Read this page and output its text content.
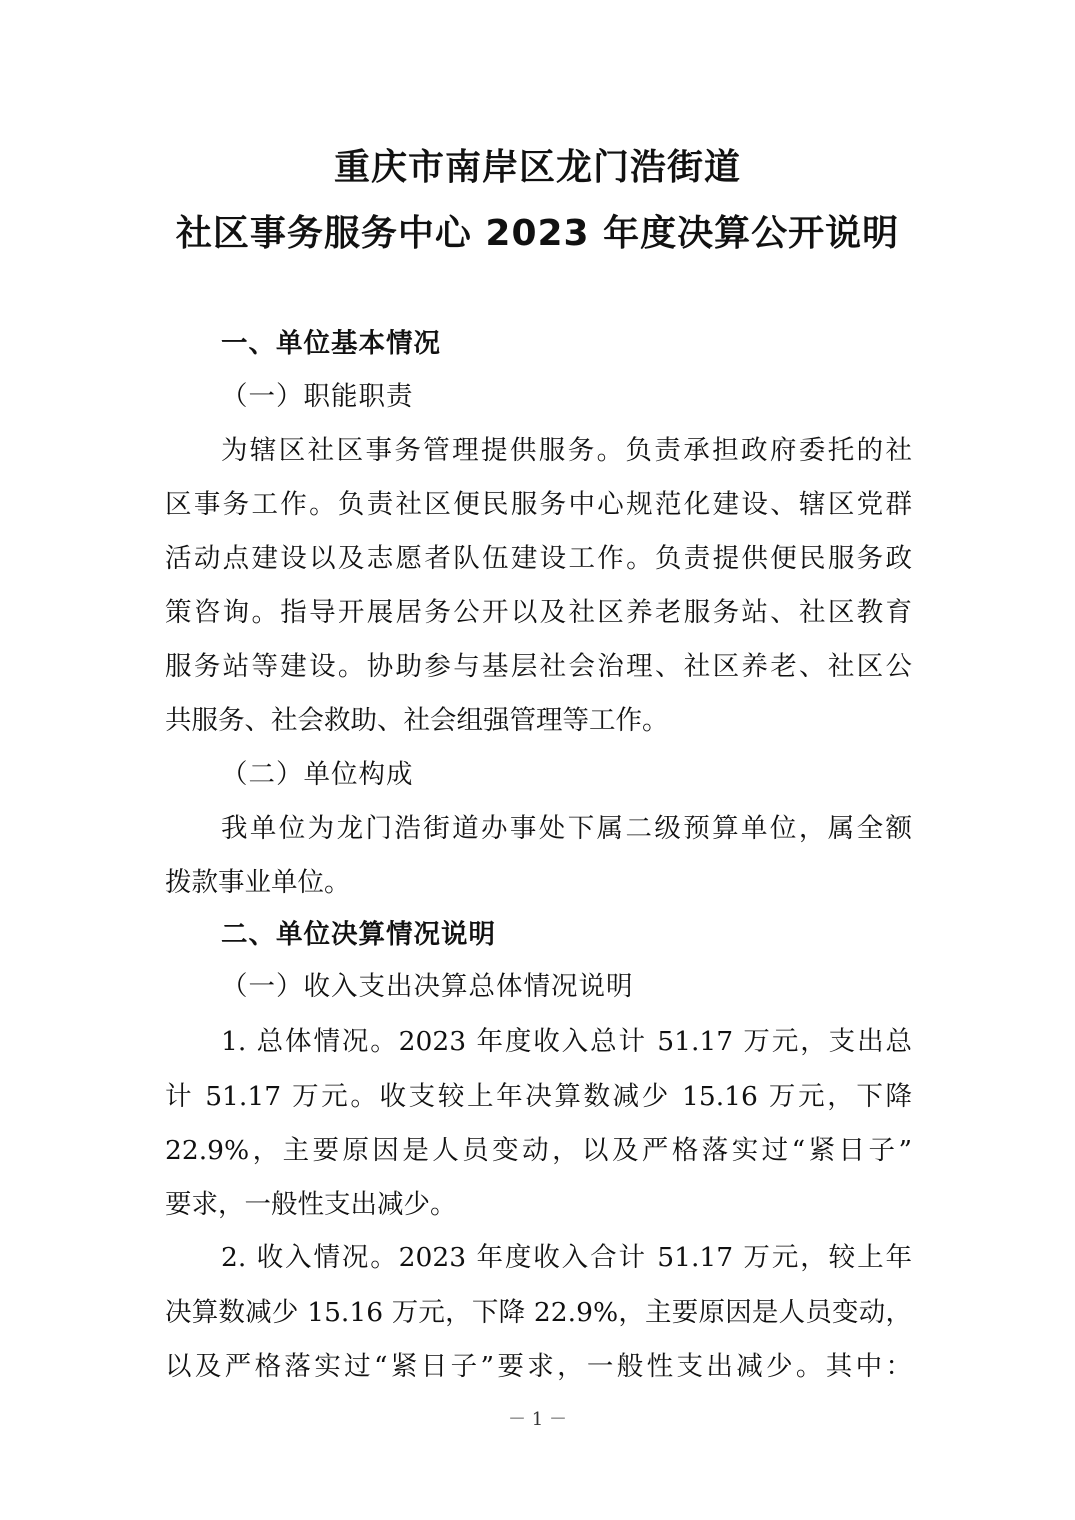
重庆市南岸区龙门浩街道
社区事务服务中心 2023 年度决算公开说明
一、单位基本情况
（一）职能职责
为辖区社区事务管理提供服务。负责承担政府委托的社
区事务工作。负责社区便民服务中心规范化建设、辖区党群
活动点建设以及志愿者队伍建设工作。负责提供便民服务政
策咨询。指导开展居务公开以及社区养老服务站、社区教育
服务站等建设。协助参与基层社会治理、社区养老、社区公
共服务、社会救助、社会组强管理等工作。
（二）单位构成
我单位为龙门浩街道办事处下属二级预算单位，属全额
拨款事业单位。
二、单位决算情况说明
（一）收入支出决算总体情况说明
1. 总体情况。2023 年度收入总计 51.17 万元，支出总
计 51.17 万元。收支较上年决算数减少 15.16 万元，下降
22.9%，主要原因是人员变动，以及严格落实过“紧日子”
要求，一般性支出减少。
2. 收入情况。2023 年度收入合计 51.17 万元，较上年
决算数减少 15.16 万元，下降 22.9%，主要原因是人员变动，
以及严格落实过“紧日子”要求，一般性支出减少。其中：
－ 1 －
